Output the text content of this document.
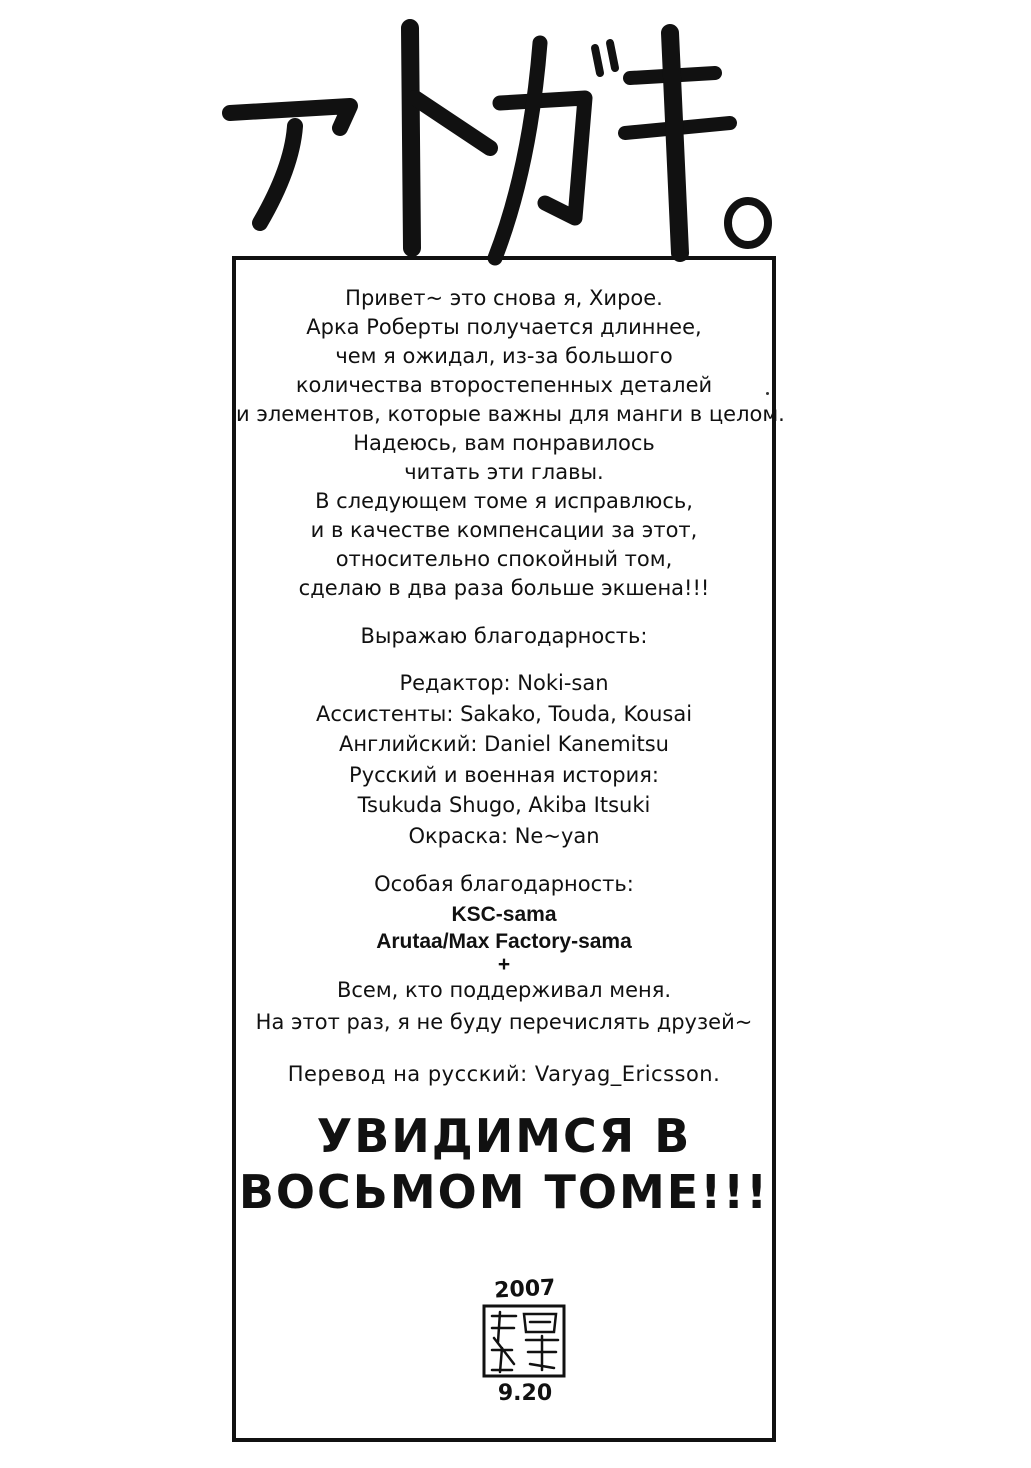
Привет~ это снова я, Хирое.
Арка Роберты получается длиннее,
чем я ожидал, из-за большого
количества второстепенных деталей
и элементов, которые важны для манги в целом.
Надеюсь, вам понравилось
читать эти главы.
В следующем томе я исправлюсь,
и в качестве компенсации за этот,
относительно спокойный том,
сделаю в два раза больше экшена!!!
Выражаю благодарность:
Редактор: Noki-san
Ассистенты: Sakako, Touda, Kousai
Английский: Daniel Kanemitsu
Русский и военная история:
Tsukuda Shugo, Akiba Itsuki
Окраска: Ne~yan
Особая благодарность:
KSC-sama
Arutaa/Max Factory-sama
+
Всем, кто поддерживал меня.
На этот раз, я не буду перечислять друзей~
Перевод на русский: Varyag_Ericsson.
УВИДИМСЯ В
ВОСЬМОМ ТОМЕ!!!
2007
9.20
